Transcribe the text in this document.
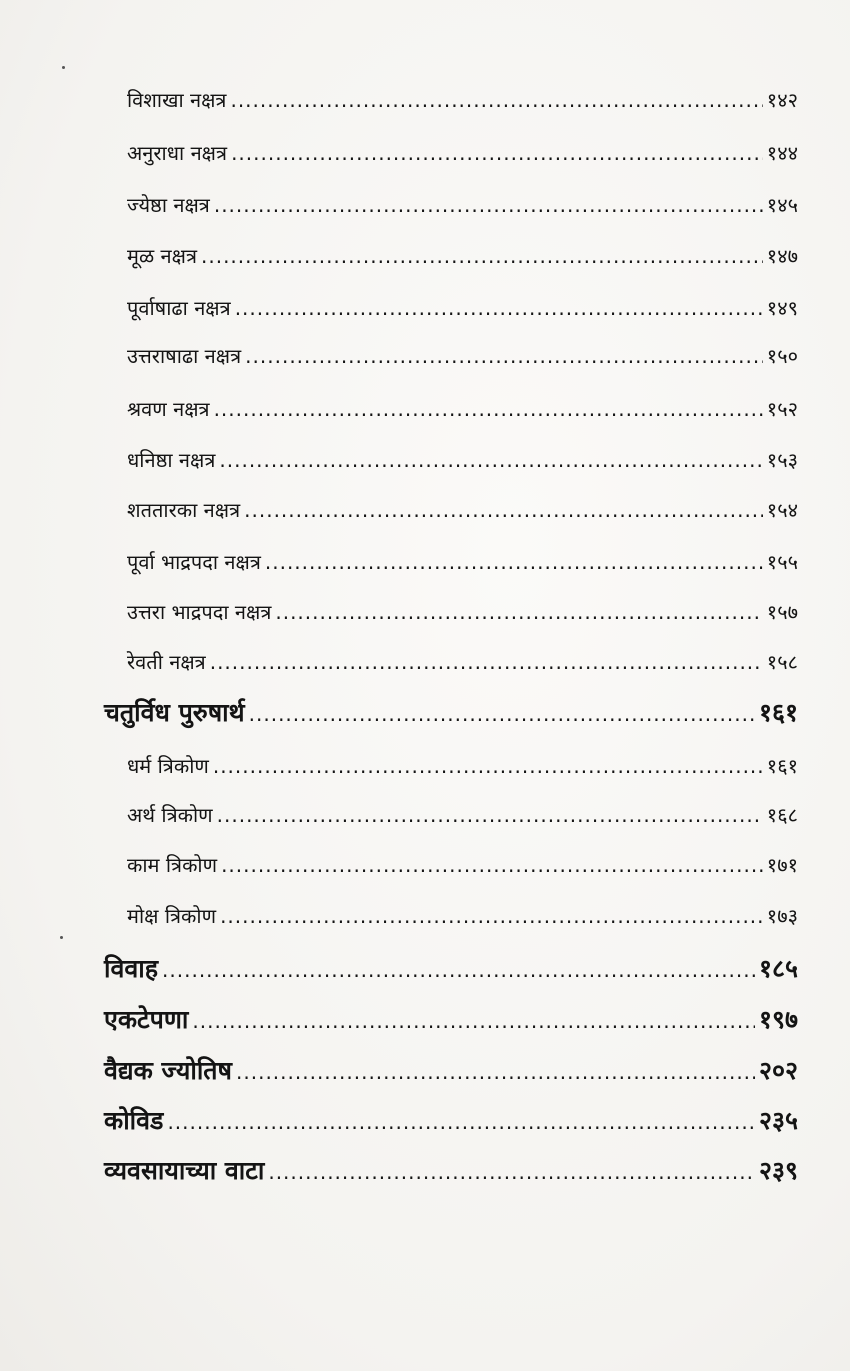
विशाखा नक्षत्र .....	१४२
अनुराधा नक्षत्र .....	१४४
ज्येष्ठा नक्षत्र .....	१४५
मूळ नक्षत्र .....	१४७
पूर्वाषाढा नक्षत्र .....	१४९
उत्तराषाढा नक्षत्र .....	१५०
श्रवण नक्षत्र .....	१५२
धनिष्ठा नक्षत्र .....	१५३
शततारका नक्षत्र .....	१५४
पूर्वा भाद्रपदा नक्षत्र .....	१५५
उत्तरा भाद्रपदा नक्षत्र .....	१५७
रेवती नक्षत्र .....	१५८
चतुर्विध पुरुषार्थ .....	१६१
धर्म त्रिकोण .....	१६१
अर्थ त्रिकोण .....	१६८
काम त्रिकोण .....	१७१
मोक्ष त्रिकोण .....	१७३
विवाह .....	१८५
एकटेपणा .....	१९७
वैद्यक ज्योतिष .....	२०२
कोविड .....	२३५
व्यवसायाच्या वाटा .....	२३९
